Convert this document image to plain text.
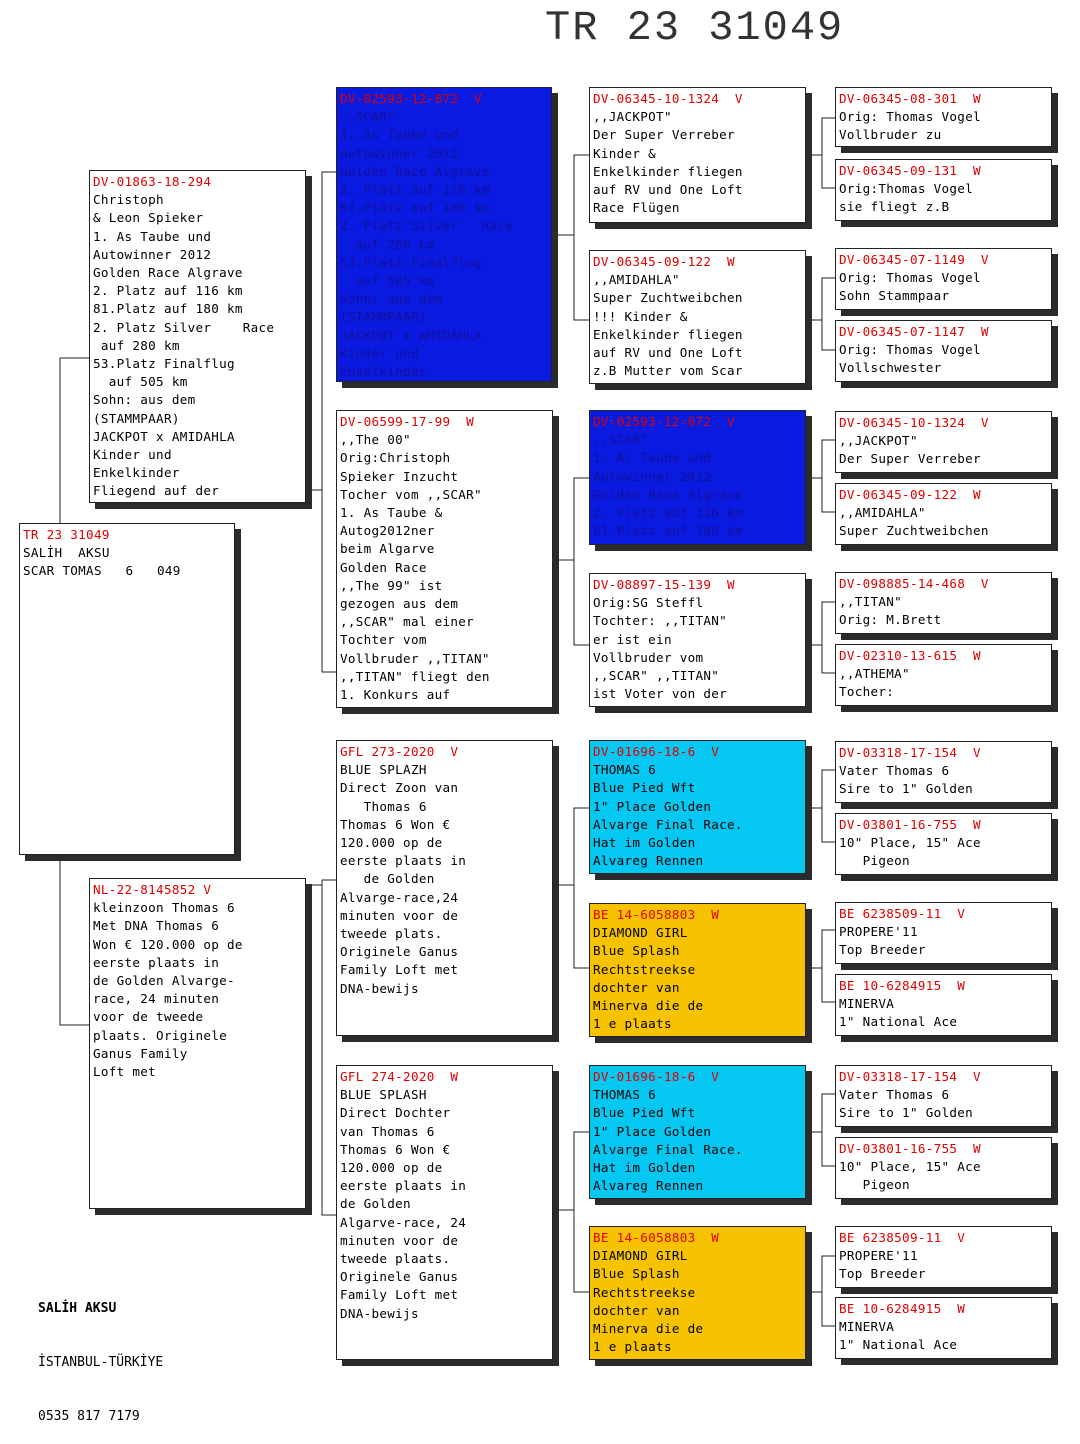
TR 23 31049
TR 23 31049
SALİH  AKSU
SCAR TOMAS   6   049
DV-01863-18-294
Christoph
& Leon Spieker
1. As Taube und
Autowinner 2012
Golden Race Algrave
2. Platz auf 116 km
81.Platz auf 180 km
2. Platz Silver    Race
auf 280 km
53.Platz Finalflug
auf 505 km
Sohn: aus dem
(STAMMPAAR)
JACKPOT x AMIDAHLA
Kinder und
Enkelkinder
Fliegend auf der
NL-22-8145852 V
kleinzoon Thomas 6
Met DNA Thomas 6
Won € 120.000 op de
eerste plaats in
de Golden Alvarge-
race, 24 minuten
voor de tweede
plaats. Originele
Ganus Family
Loft met
DV-02593-12-872  V
,,SCAR"
1. As Taube und
Autowinner 2012
Golden Race Algrave
2. Platz auf 116 km
81.Platz auf 180 km
2. Platz Silver   Race
auf 280 km
53.Platz Finalflug
auf 505 km
Sohn: aus dem
(STAMMPAAR)
JACKPOT x AMIDAHLA
Kinder und
Enkelkinder
DV-06599-17-99  W
,,The 00"
Orig:Christoph
Spieker Inzucht
Tocher vom ,,SCAR"
1. As Taube &
Autog2012ner
beim Algarve
Golden Race
,,The 99" ist
gezogen aus dem
,,SCAR" mal einer
Tochter vom
Vollbruder ,,TITAN"
,,TITAN" fliegt den
1. Konkurs auf
GFL 273-2020  V
BLUE SPLAZH
Direct Zoon van
Thomas 6
Thomas 6 Won €
120.000 op de
eerste plaats in
de Golden
Alvarge-race,24
minuten voor de
tweede plats.
Originele Ganus
Family Loft met
DNA-bewijs
GFL 274-2020  W
BLUE SPLASH
Direct Dochter
van Thomas 6
Thomas 6 Won €
120.000 op de
eerste plaats in
de Golden
Algarve-race, 24
minuten voor de
tweede plaats.
Originele Ganus
Family Loft met
DNA-bewijs
DV-06345-10-1324  V
,,JACKPOT"
Der Super Verreber
Kinder &
Enkelkinder fliegen
auf RV und One Loft
Race Flügen
DV-06345-09-122  W
,,AMIDAHLA"
Super Zuchtweibchen
!!! Kinder &
Enkelkinder fliegen
auf RV und One Loft
z.B Mutter vom Scar
DV-02593-12-872  V
,,SCAR"
1. As Taube und
Autowinner 2012
Golden Race Algrave
2. Platz auf 116 km
81.Platz auf 180 km
DV-08897-15-139  W
Orig:SG Steffl
Tochter: ,,TITAN"
er ist ein
Vollbruder vom
,,SCAR" ,,TITAN"
ist Voter von der
DV-01696-18-6  V
THOMAS 6
Blue Pied Wft
1" Place Golden
Alvarge Final Race.
Hat im Golden
Alvareg Rennen
BE 14-6058803  W
DIAMOND GIRL
Blue Splash
Rechtstreekse
dochter van
Minerva die de
1 e plaats
DV-01696-18-6  V
THOMAS 6
Blue Pied Wft
1" Place Golden
Alvarge Final Race.
Hat im Golden
Alvareg Rennen
BE 14-6058803  W
DIAMOND GIRL
Blue Splash
Rechtstreekse
dochter van
Minerva die de
1 e plaats
DV-06345-08-301  W
Orig: Thomas Vogel
Vollbruder zu
DV-06345-09-131  W
Orig:Thomas Vogel
sie fliegt z.B
DV-06345-07-1149  V
Orig: Thomas Vogel
Sohn Stammpaar
DV-06345-07-1147  W
Orig: Thomas Vogel
Vollschwester
DV-06345-10-1324  V
,,JACKPOT"
Der Super Verreber
DV-06345-09-122  W
,,AMIDAHLA"
Super Zuchtweibchen
DV-098885-14-468  V
,,TITAN"
Orig: M.Brett
DV-02310-13-615  W
,,ATHEMA"
Tocher:
DV-03318-17-154  V
Vater Thomas 6
Sire to 1" Golden
DV-03801-16-755  W
10" Place, 15" Ace
Pigeon
BE 6238509-11  V
PROPERE'11
Top Breeder
BE 10-6284915  W
MINERVA
1" National Ace
DV-03318-17-154  V
Vater Thomas 6
Sire to 1" Golden
DV-03801-16-755  W
10" Place, 15" Ace
Pigeon
BE 6238509-11  V
PROPERE'11
Top Breeder
BE 10-6284915  W
MINERVA
1" National Ace

SALİH AKSU

İSTANBUL-TÜRKİYE

0535 817 7179
